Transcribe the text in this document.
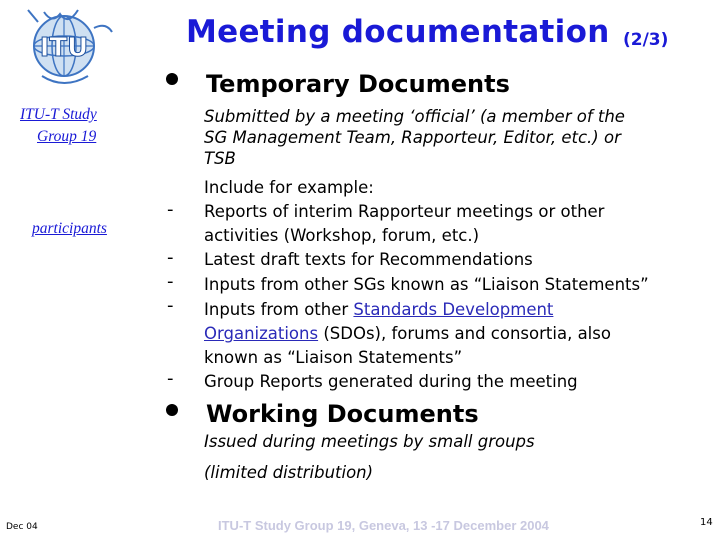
ITU	Meeting documentation (2/3)
ITU-T Study
Group 19
participants
Temporary Documents
Submitted by a meeting ‘official’ (a member of the
SG Management Team, Rapporteur, Editor, etc.) or
TSB
Include for example:
- Reports of interim Rapporteur meetings or other
activities (Workshop, forum, etc.)
- Latest draft texts for Recommendations
- Inputs from other SGs known as “Liaison Statements”
- Inputs from other Standards Development
Organizations (SDOs), forums and consortia, also
known as “Liaison Statements”
- Group Reports generated during the meeting
Working Documents
Issued during meetings by small groups
(limited distribution)
Dec 04	ITU-T Study Group 19, Geneva, 13 -17 December 2004	14
